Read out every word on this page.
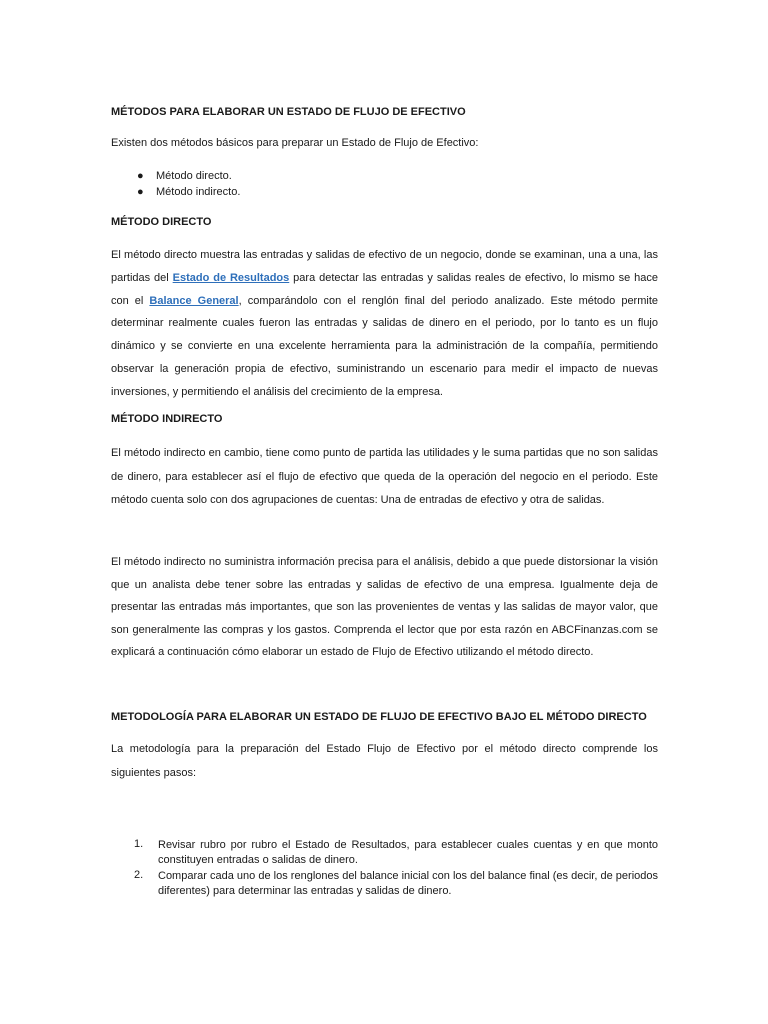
MÉTODOS PARA ELABORAR UN ESTADO DE FLUJO DE EFECTIVO
Existen dos métodos básicos para preparar un Estado de Flujo de Efectivo:
● Método directo.
● Método indirecto.
MÉTODO DIRECTO

El método directo muestra las entradas y salidas de efectivo de un negocio, donde se examinan, una a una, las partidas del Estado de Resultados para detectar las entradas y salidas reales de efectivo, lo mismo se hace con el Balance General, comparándolo con el renglón final del periodo analizado. Este método permite determinar realmente cuales fueron las entradas y salidas de dinero en el periodo, por lo tanto es un flujo dinámico y se convierte en una excelente herramienta para la administración de la compañía, permitiendo observar la generación propia de efectivo, suministrando un escenario para medir el impacto de nuevas inversiones, y permitiendo el análisis del crecimiento de la empresa.

MÉTODO INDIRECTO
El método indirecto en cambio, tiene como punto de partida las utilidades y le suma partidas que no son salidas de dinero, para establecer así el flujo de efectivo que queda de la operación del negocio en el periodo. Este método cuenta solo con dos agrupaciones de cuentas: Una de entradas de efectivo y otra de salidas.
El método indirecto no suministra información precisa para el análisis, debido a que puede distorsionar la visión que un analista debe tener sobre las entradas y salidas de efectivo de una empresa. Igualmente deja de presentar las entradas más importantes, que son las provenientes de ventas y las salidas de mayor valor, que son generalmente las compras y los gastos. Comprenda el lector que por esta razón en ABCFinanzas.com se explicará a continuación cómo elaborar un estado de Flujo de Efectivo utilizando el método directo.
METODOLOGÍA PARA ELABORAR UN ESTADO DE FLUJO DE EFECTIVO BAJO EL MÉTODO DIRECTO
La metodología para la preparación del Estado Flujo de Efectivo por el método directo comprende los siguientes pasos:
1. Revisar rubro por rubro el Estado de Resultados, para establecer cuales cuentas y en que monto constituyen entradas o salidas de dinero.
2. Comparar cada uno de los renglones del balance inicial con los del balance final (es decir, de periodos diferentes) para determinar las entradas y salidas de dinero.
